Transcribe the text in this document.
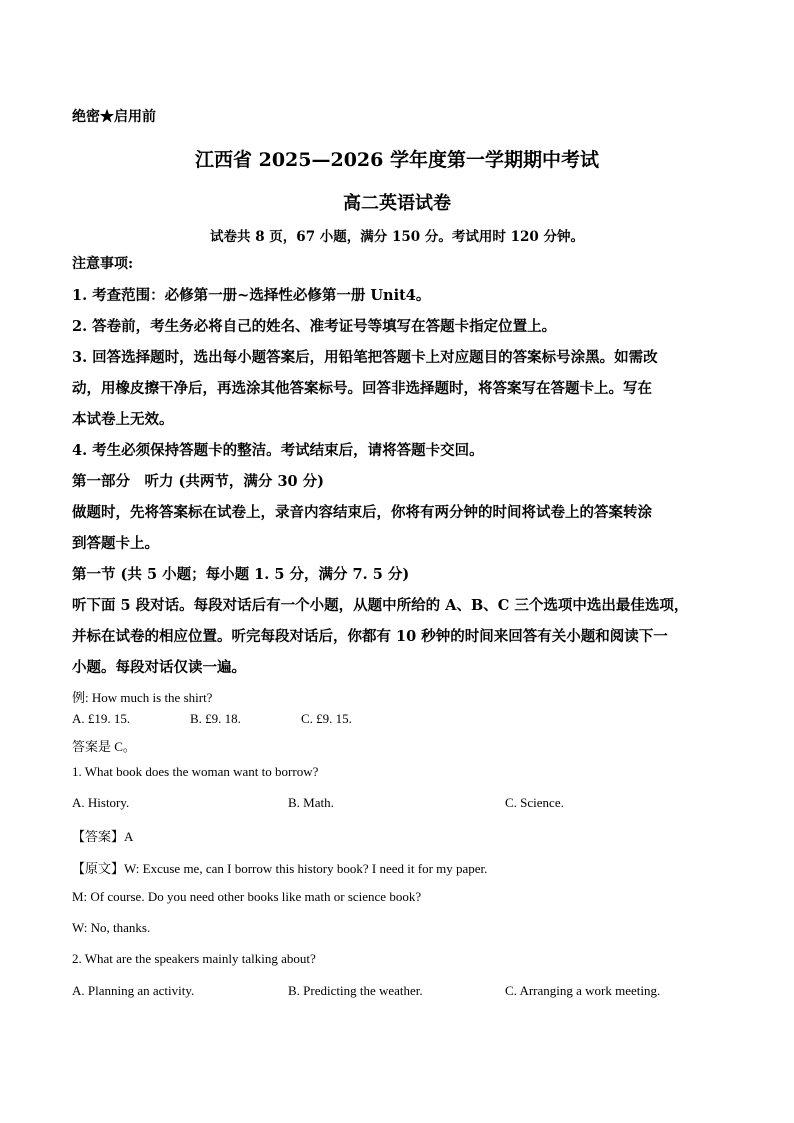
绝密★启用前
江西省 2025—2026 学年度第一学期期中考试
高二英语试卷
试卷共 8 页，67 小题，满分 150 分。考试用时 120 分钟。
注意事项:
1. 考查范围：必修第一册~选择性必修第一册 Unit4。
2. 答卷前，考生务必将自己的姓名、准考证号等填写在答题卡指定位置上。
3. 回答选择题时，选出每小题答案后，用铅笔把答题卡上对应题目的答案标号涂黑。如需改
动，用橡皮擦干净后，再选涂其他答案标号。回答非选择题时，将答案写在答题卡上。写在
本试卷上无效。
4. 考生必须保持答题卡的整洁。考试结束后，请将答题卡交回。
第一部分　听力 (共两节，满分 30 分)
做题时，先将答案标在试卷上，录音内容结束后，你将有两分钟的时间将试卷上的答案转涂
到答题卡上。
第一节 (共 5 小题；每小题 1. 5 分，满分 7. 5 分)
听下面 5 段对话。每段对话后有一个小题，从题中所给的 A、B、C 三个选项中选出最佳选项，
并标在试卷的相应位置。听完每段对话后，你都有 10 秒钟的时间来回答有关小题和阅读下一
小题。每段对话仅读一遍。
例: How much is the shirt?
A. £19. 15.	B. £9. 18.	C. £9. 15.
答案是 C。
1. What book does the woman want to borrow?
A. History.	B. Math.	C. Science.
【答案】A
【原文】W: Excuse me, can I borrow this history book? I need it for my paper.
M: Of course. Do you need other books like math or science book?
W: No, thanks.
2. What are the speakers mainly talking about?
A. Planning an activity.	B. Predicting the weather.	C. Arranging a work meeting.
